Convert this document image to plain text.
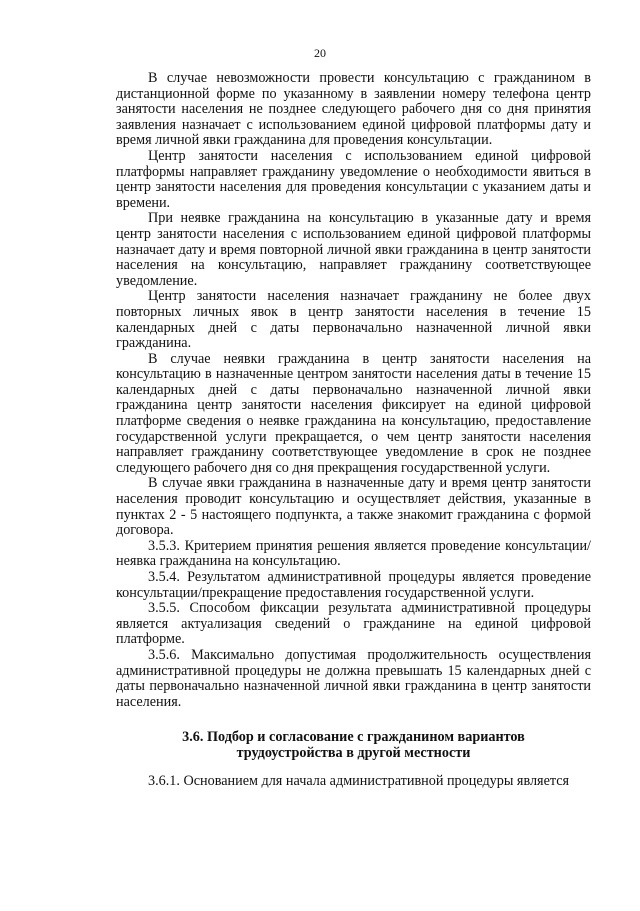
20

В случае невозможности провести консультацию с гражданином в дистанционной форме по указанному в заявлении номеру телефона центр занятости населения не позднее следующего рабочего дня со дня принятия заявления назначает с использованием единой цифровой платформы дату и время личной явки гражданина для проведения консультации.

Центр занятости населения с использованием единой цифровой платформы направляет гражданину уведомление о необходимости явиться в центр занятости населения для проведения консультации с указанием даты и времени.

При неявке гражданина на консультацию в указанные дату и время центр занятости населения с использованием единой цифровой платформы назначает дату и время повторной личной явки гражданина в центр занятости населения на консультацию, направляет гражданину соответствующее уведомление.

Центр занятости населения назначает гражданину не более двух повторных личных явок в центр занятости населения в течение 15 календарных дней с даты первоначально назначенной личной явки гражданина.

В случае неявки гражданина в центр занятости населения на консультацию в назначенные центром занятости населения даты в течение 15 календарных дней с даты первоначально назначенной личной явки гражданина центр занятости населения фиксирует на единой цифровой платформе сведения о неявке гражданина на консультацию, предоставление государственной услуги прекращается, о чем центр занятости населения направляет гражданину соответствующее уведомление в срок не позднее следующего рабочего дня со дня прекращения государственной услуги.

В случае явки гражданина в назначенные дату и время центр занятости населения проводит консультацию и осуществляет действия, указанные в пунктах 2 - 5 настоящего подпункта, а также знакомит гражданина с формой договора.

3.5.3. Критерием принятия решения является проведение консультации/неявка гражданина на консультацию.

3.5.4. Результатом административной процедуры является проведение консультации/прекращение предоставления государственной услуги.

3.5.5. Способом фиксации результата административной процедуры является актуализация сведений о гражданине на единой цифровой платформе.

3.5.6. Максимально допустимая продолжительность осуществления административной процедуры не должна превышать 15 календарных дней с даты первоначально назначенной личной явки гражданина в центр занятости населения.

3.6. Подбор и согласование с гражданином вариантов
трудоустройства в другой местности

3.6.1. Основанием для начала административной процедуры является
